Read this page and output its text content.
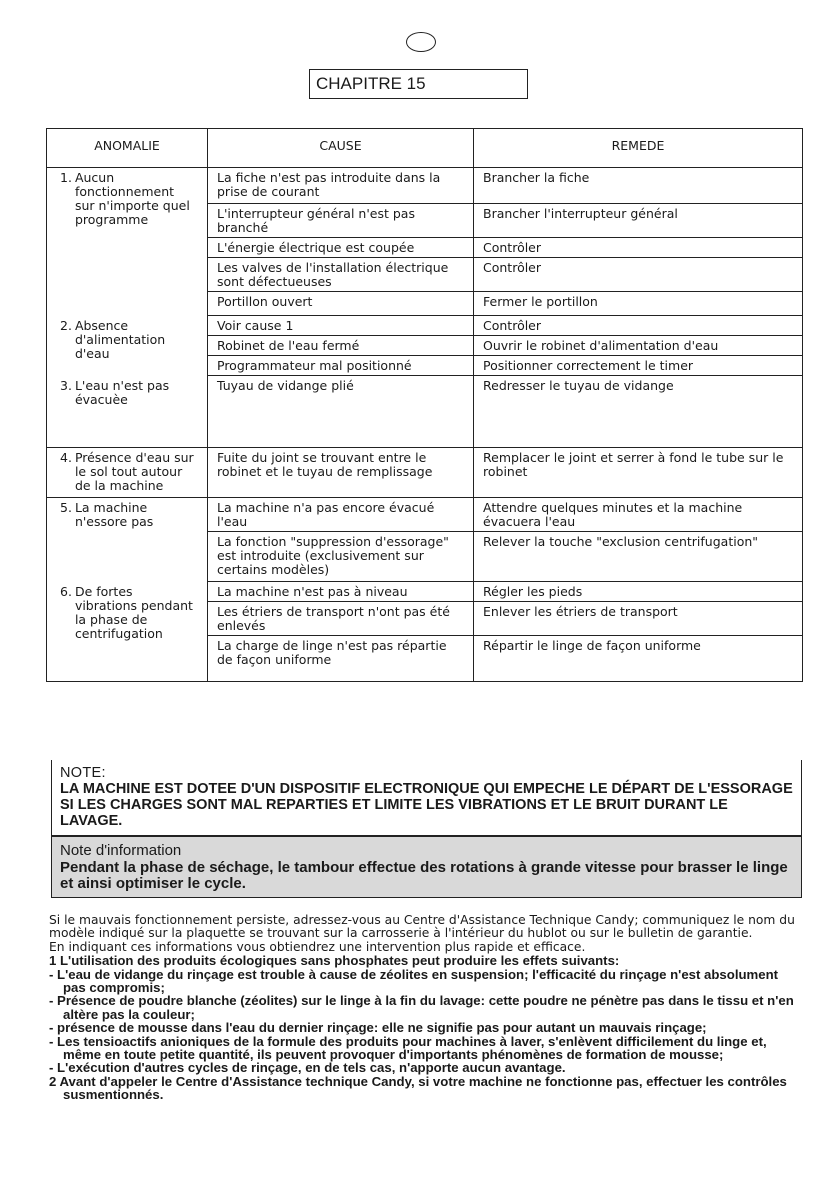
CHAPITRE 15
ANOMALIE	CAUSE	REMEDE

1. Aucun fonctionnement sur n'importe quel programme	La fiche n'est pas introduite dans la prise de courant	Brancher la fiche
	L'interrupteur général n'est pas branché	Brancher l'interrupteur général
	L'énergie électrique est coupée	Contrôler
	Les valves de l'installation électrique sont défectueuses	Contrôler
	Portillon ouvert	Fermer le portillon

2. Absence d'alimentation d'eau	Voir cause 1	Contrôler
	Robinet de l'eau fermé	Ouvrir le robinet d'alimentation d'eau
	Programmateur mal positionné	Positionner correctement le timer

3. L'eau n'est pas évacuèe	Tuyau de vidange plié	Redresser le tuyau de vidange

4. Présence d'eau sur le sol tout autour de la machine	Fuite du joint se trouvant entre le robinet et le tuyau de remplissage	Remplacer le joint et serrer à fond le tube sur le robinet

5. La machine n'essore pas	La machine n'a pas encore évacué l'eau	Attendre quelques minutes et la machine évacuera l'eau
	La fonction "suppression d'essorage" est introduite (exclusivement sur certains modèles)	Relever la touche "exclusion centrifugation"

6. De fortes vibrations pendant la phase de centrifugation	La machine n'est pas à niveau	Régler les pieds
	Les étriers de transport n'ont pas été enlevés	Enlever les étriers de transport
	La charge de linge n'est pas répartie de façon uniforme	Répartir le linge de façon uniforme
NOTE:
LA MACHINE EST DOTEE D'UN DISPOSITIF ELECTRONIQUE QUI EMPECHE LE DÉPART DE L'ESSORAGE SI LES CHARGES SONT MAL REPARTIES ET LIMITE LES VIBRATIONS ET LE BRUIT DURANT LE LAVAGE.
Note d'information
Pendant la phase de séchage, le tambour effectue des rotations à grande vitesse pour brasser le linge et ainsi optimiser le cycle.

Si le mauvais fonctionnement persiste, adressez-vous au Centre d'Assistance Technique Candy; communiquez le nom du modèle indiqué sur la plaquette se trouvant sur la carrosserie à l'intérieur du hublot ou sur le bulletin de garantie.

En indiquant ces informations vous obtiendrez une intervention plus rapide et efficace.

1 L'utilisation des produits écologiques sans phosphates peut produire les effets suivants:

- L'eau de vidange du rinçage est trouble à cause de zéolites en suspension; l'efficacité du rinçage n'est absolument pas compromis;

- Présence de poudre blanche (zéolites) sur le linge à la fin du lavage: cette poudre ne pénètre pas dans le tissu et n'en altère pas la couleur;

- présence de mousse dans l'eau du dernier rinçage: elle ne signifie pas pour autant un mauvais rinçage;

- Les tensioactifs anioniques de la formule des produits pour machines à laver, s'enlèvent difficilement du linge et, même en toute petite quantité, ils peuvent provoquer d'importants phénomènes de formation de mousse;

- L'exécution d'autres cycles de rinçage, en de tels cas, n'apporte aucun avantage.

2 Avant d'appeler le Centre d'Assistance technique Candy, si votre machine ne fonctionne pas, effectuer les contrôles susmentionnés.
